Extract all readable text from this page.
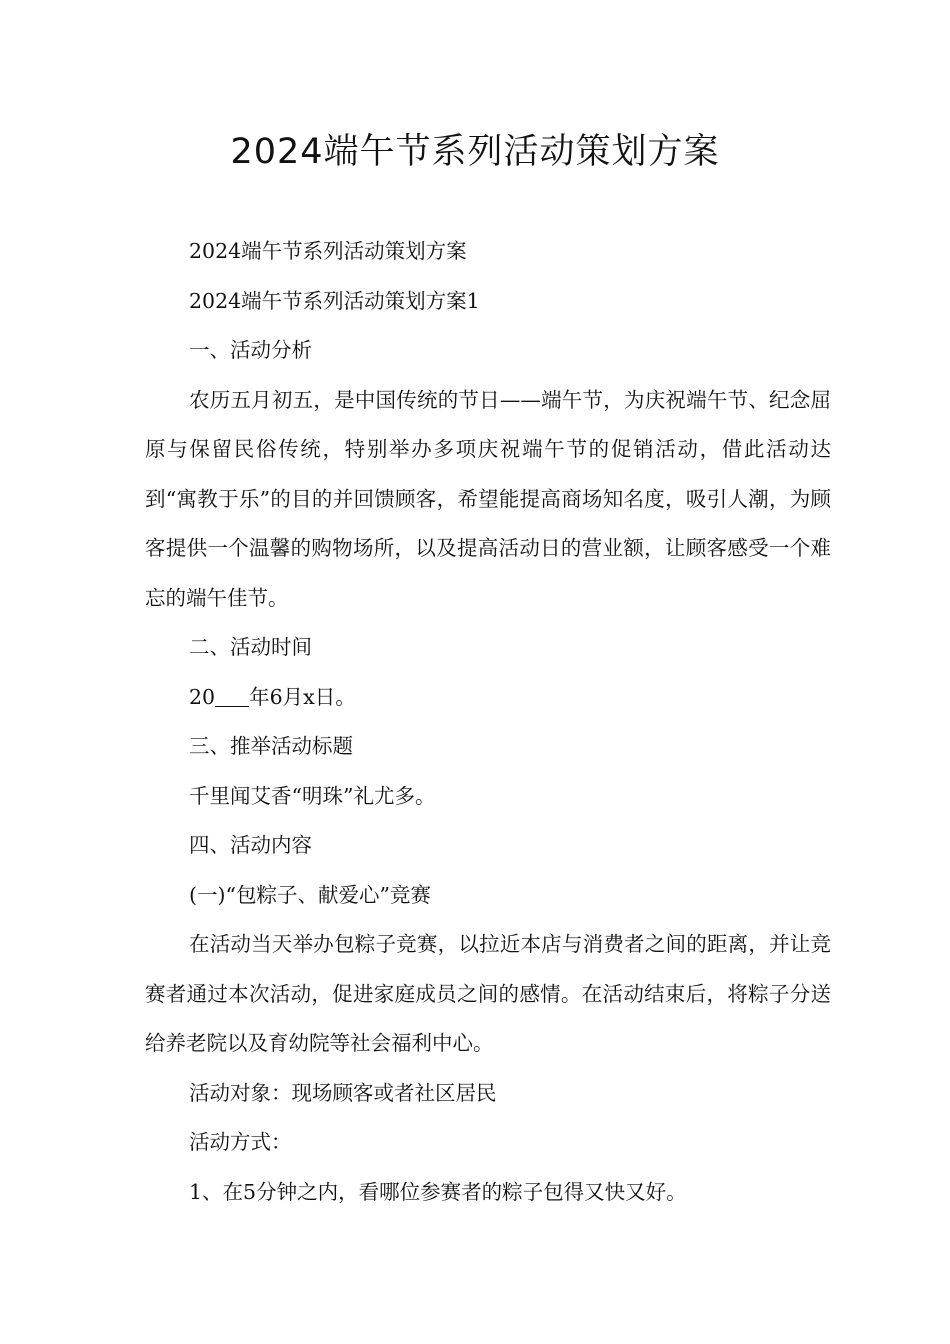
2024端午节系列活动策划方案

2024端午节系列活动策划方案

2024端午节系列活动策划方案1

一、活动分析

农历五月初五，是中国传统的节日——端午节，为庆祝端午节、纪念屈原与保留民俗传统，特别举办多项庆祝端午节的促销活动，借此活动达到“寓教于乐”的目的并回馈顾客，希望能提高商场知名度，吸引人潮，为顾客提供一个温馨的购物场所，以及提高活动日的营业额，让顾客感受一个难忘的端午佳节。

二、活动时间

20 年6月x日。

三、推举活动标题

千里闻艾香“明珠”礼尤多。

四、活动内容

(一)“包粽子、献爱心”竞赛

在活动当天举办包粽子竞赛，以拉近本店与消费者之间的距离，并让竞赛者通过本次活动，促进家庭成员之间的感情。在活动结束后，将粽子分送给养老院以及育幼院等社会福利中心。

活动对象：现场顾客或者社区居民

活动方式：

1、在5分钟之内，看哪位参赛者的粽子包得又快又好。
